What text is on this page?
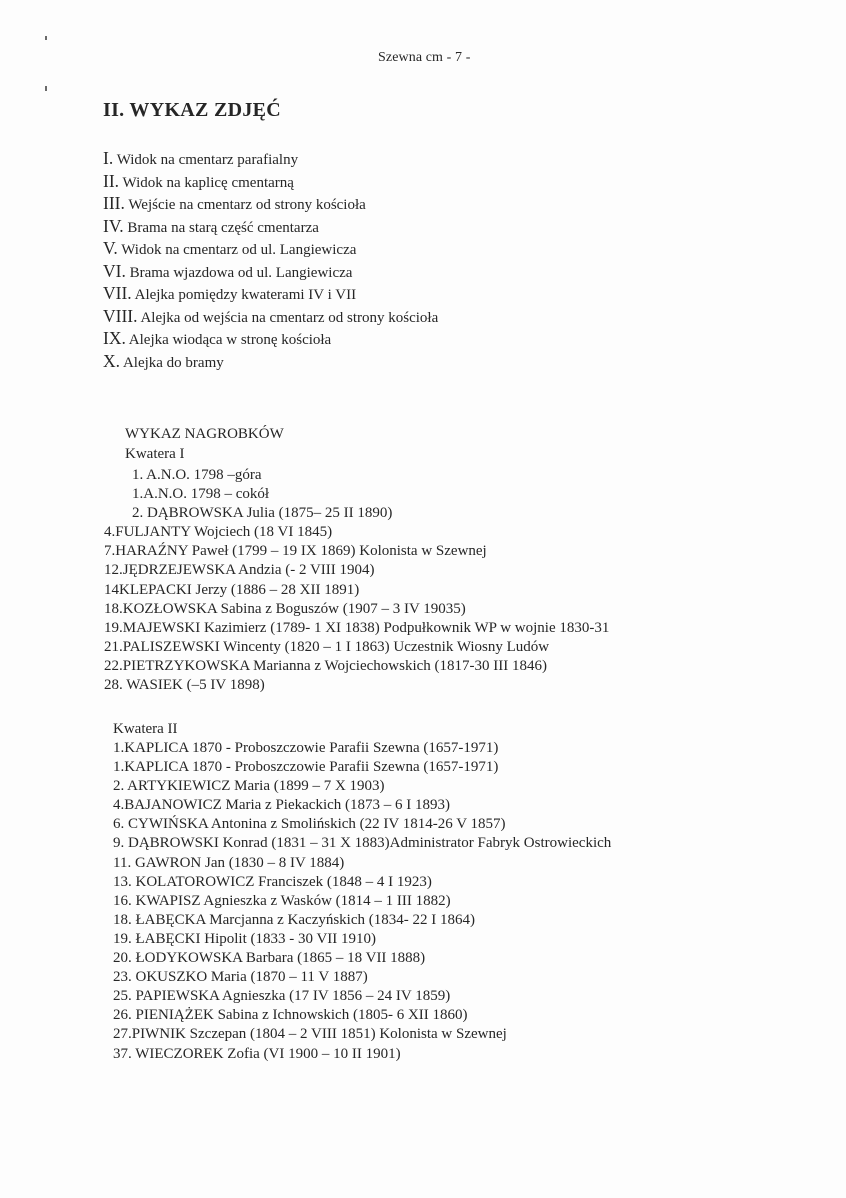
Szewna cm - 7 -
II. WYKAZ ZDJĘĆ
I. Widok na cmentarz parafialny
II. Widok na kaplicę cmentarną
III. Wejście na cmentarz od strony kościoła
IV. Brama na starą część cmentarza
V. Widok na cmentarz od ul. Langiewicza
VI. Brama wjazdowa od ul. Langiewicza
VII. Alejka pomiędzy kwaterami IV i VII
VIII. Alejka od wejścia na cmentarz od strony kościoła
IX. Alejka wiodąca w stronę kościoła
X. Alejka do bramy
WYKAZ NAGROBKÓW
Kwatera I
1. A.N.O. 1798 –góra
1.A.N.O. 1798 – cokół
2. DĄBROWSKA Julia (1875– 25 II 1890)
4.FULJANTY Wojciech (18 VI 1845)
7.HARAŹNY Paweł (1799 – 19 IX 1869) Kolonista w Szewnej
12.JĘDRZEJEWSKA Andzia (- 2 VIII 1904)
14KLEPACKI Jerzy (1886 – 28 XII 1891)
18.KOZŁOWSKA Sabina z Boguszów (1907 – 3 IV 19035)
19.MAJEWSKI Kazimierz (1789- 1 XI 1838) Podpułkownik WP w wojnie 1830-31
21.PALISZEWSKI Wincenty (1820 – 1 I 1863) Uczestnik Wiosny Ludów
22.PIETRZYKOWSKA Marianna z Wojciechowskich (1817-30 III 1846)
28. WASIEK (–5 IV 1898)
Kwatera II
1.KAPLICA 1870 - Proboszczowie Parafii Szewna (1657-1971)
1.KAPLICA 1870 - Proboszczowie Parafii Szewna (1657-1971)
2. ARTYKIEWICZ Maria (1899 – 7 X 1903)
4.BAJANOWICZ Maria z Piekackich (1873 – 6 I 1893)
6. CYWIŃSKA Antonina z Smolińskich (22 IV 1814-26 V 1857)
9. DĄBROWSKI Konrad (1831 – 31 X 1883)Administrator Fabryk Ostrowieckich
11. GAWRON Jan (1830 – 8 IV 1884)
13. KOLATOROWICZ Franciszek (1848 – 4 I 1923)
16. KWAPISZ Agnieszka z Wasków (1814 – 1 III 1882)
18. ŁABĘCKA Marcjanna z Kaczyńskich (1834- 22 I 1864)
19. ŁABĘCKI Hipolit (1833 - 30 VII 1910)
20. ŁODYKOWSKA Barbara (1865 – 18 VII 1888)
23. OKUSZKO Maria (1870 – 11 V 1887)
25. PAPIEWSKA Agnieszka (17 IV 1856 – 24 IV 1859)
26. PIENIĄŻEK Sabina z Ichnowskich (1805- 6 XII 1860)
27.PIWNIK Szczepan (1804 – 2 VIII 1851) Kolonista w Szewnej
37. WIECZOREK Zofia (VI 1900 – 10 II 1901)
